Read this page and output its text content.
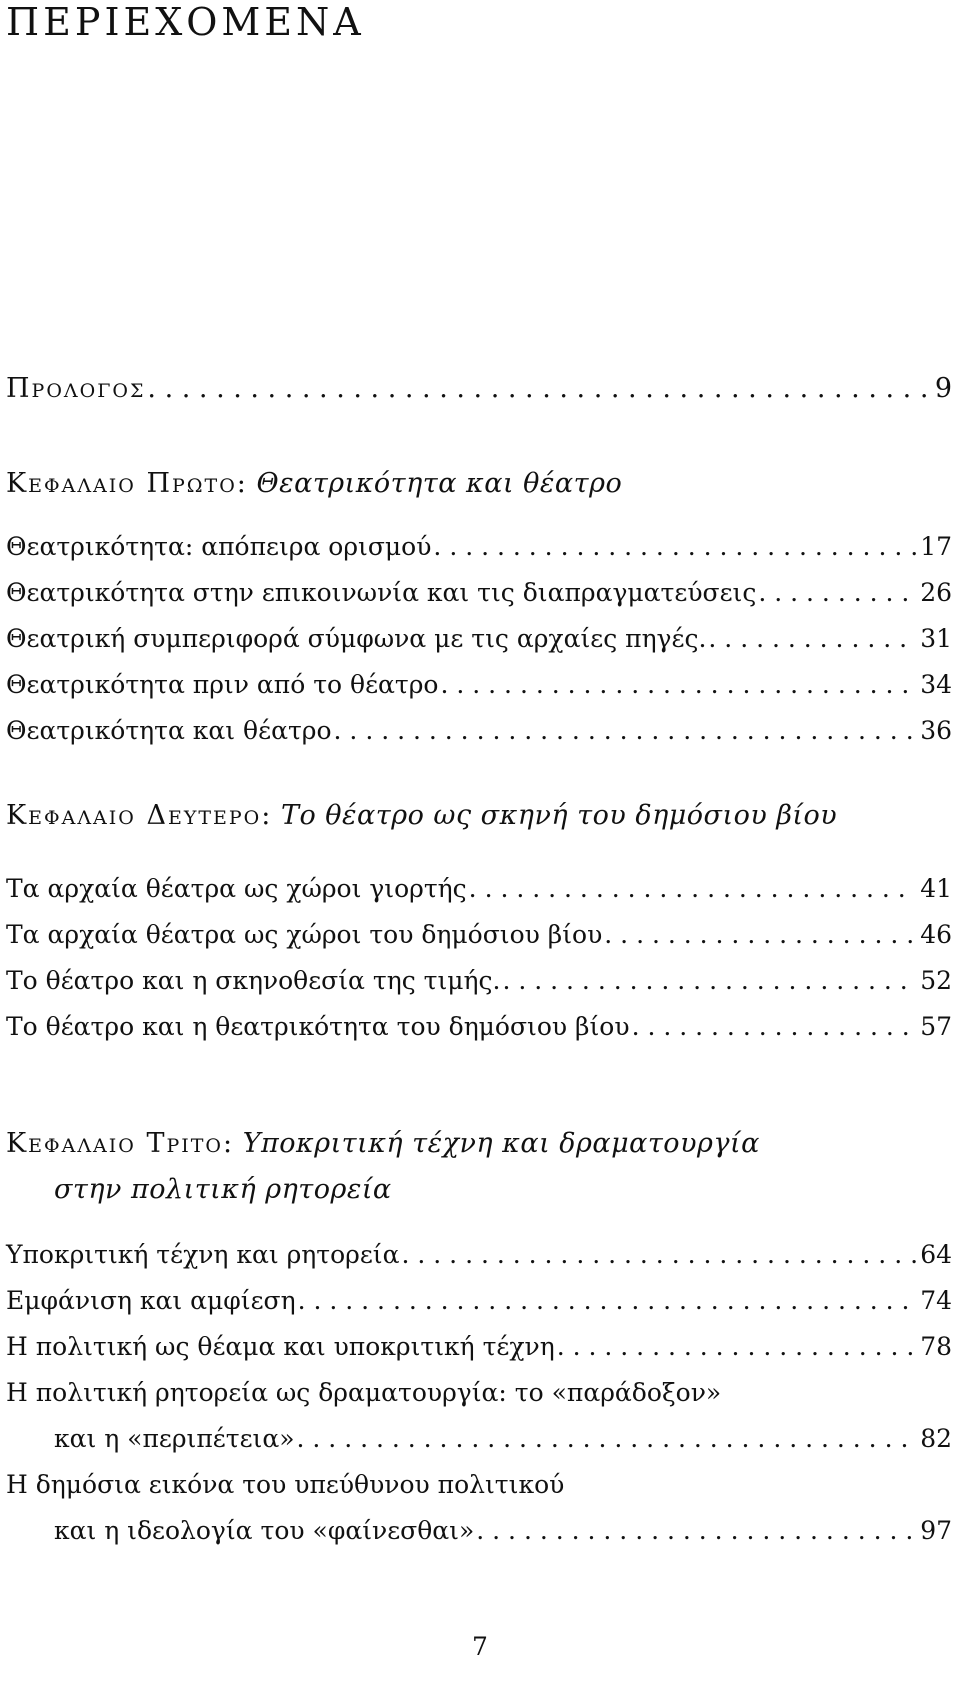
ΠΕΡΙΕΧΟΜΕΝΑ
Προλογος . . .	9
Κεφαλαιο Πρωτο: Θεατρικότητα και θέατρο
Θεατρικότητα: απόπειρα ορισμού . . .	17
Θεατρικότητα στην επικοινωνία και τις διαπραγματεύσεις . . .	26
Θεατρική συμπεριφορά σύμφωνα με τις αρχαίες πηγές. . . .	31
Θεατρικότητα πριν από το θέατρο . . .	34
Θεατρικότητα και θέατρο . . .	36
Κεφαλαιο Δευτερο: Το θέατρο ως σκηνή του δημόσιου βίου
Τα αρχαία θέατρα ως χώροι γιορτής . . .	41
Τα αρχαία θέατρα ως χώροι του δημόσιου βίου . . .	46
Το θέατρο και η σκηνοθεσία της τιμής. . . .	52
Το θέατρο και η θεατρικότητα του δημόσιου βίου . . .	57
Κεφαλαιο Τριτο: Υποκριτική τέχνη και δραματουργία
στην πολιτική ρητορεία
Υποκριτική τέχνη και ρητορεία . . .	64
Εμφάνιση και αμφίεση . . .	74
Η πολιτική ως θέαμα και υποκριτική τέχνη . . .	78
Η πολιτική ρητορεία ως δραματουργία: το «παράδοξον»
και η «περιπέτεια» . . .	82
Η δημόσια εικόνα του υπεύθυνου πολιτικού
και η ιδεολογία του «φαίνεσθαι» . . .	97
7
